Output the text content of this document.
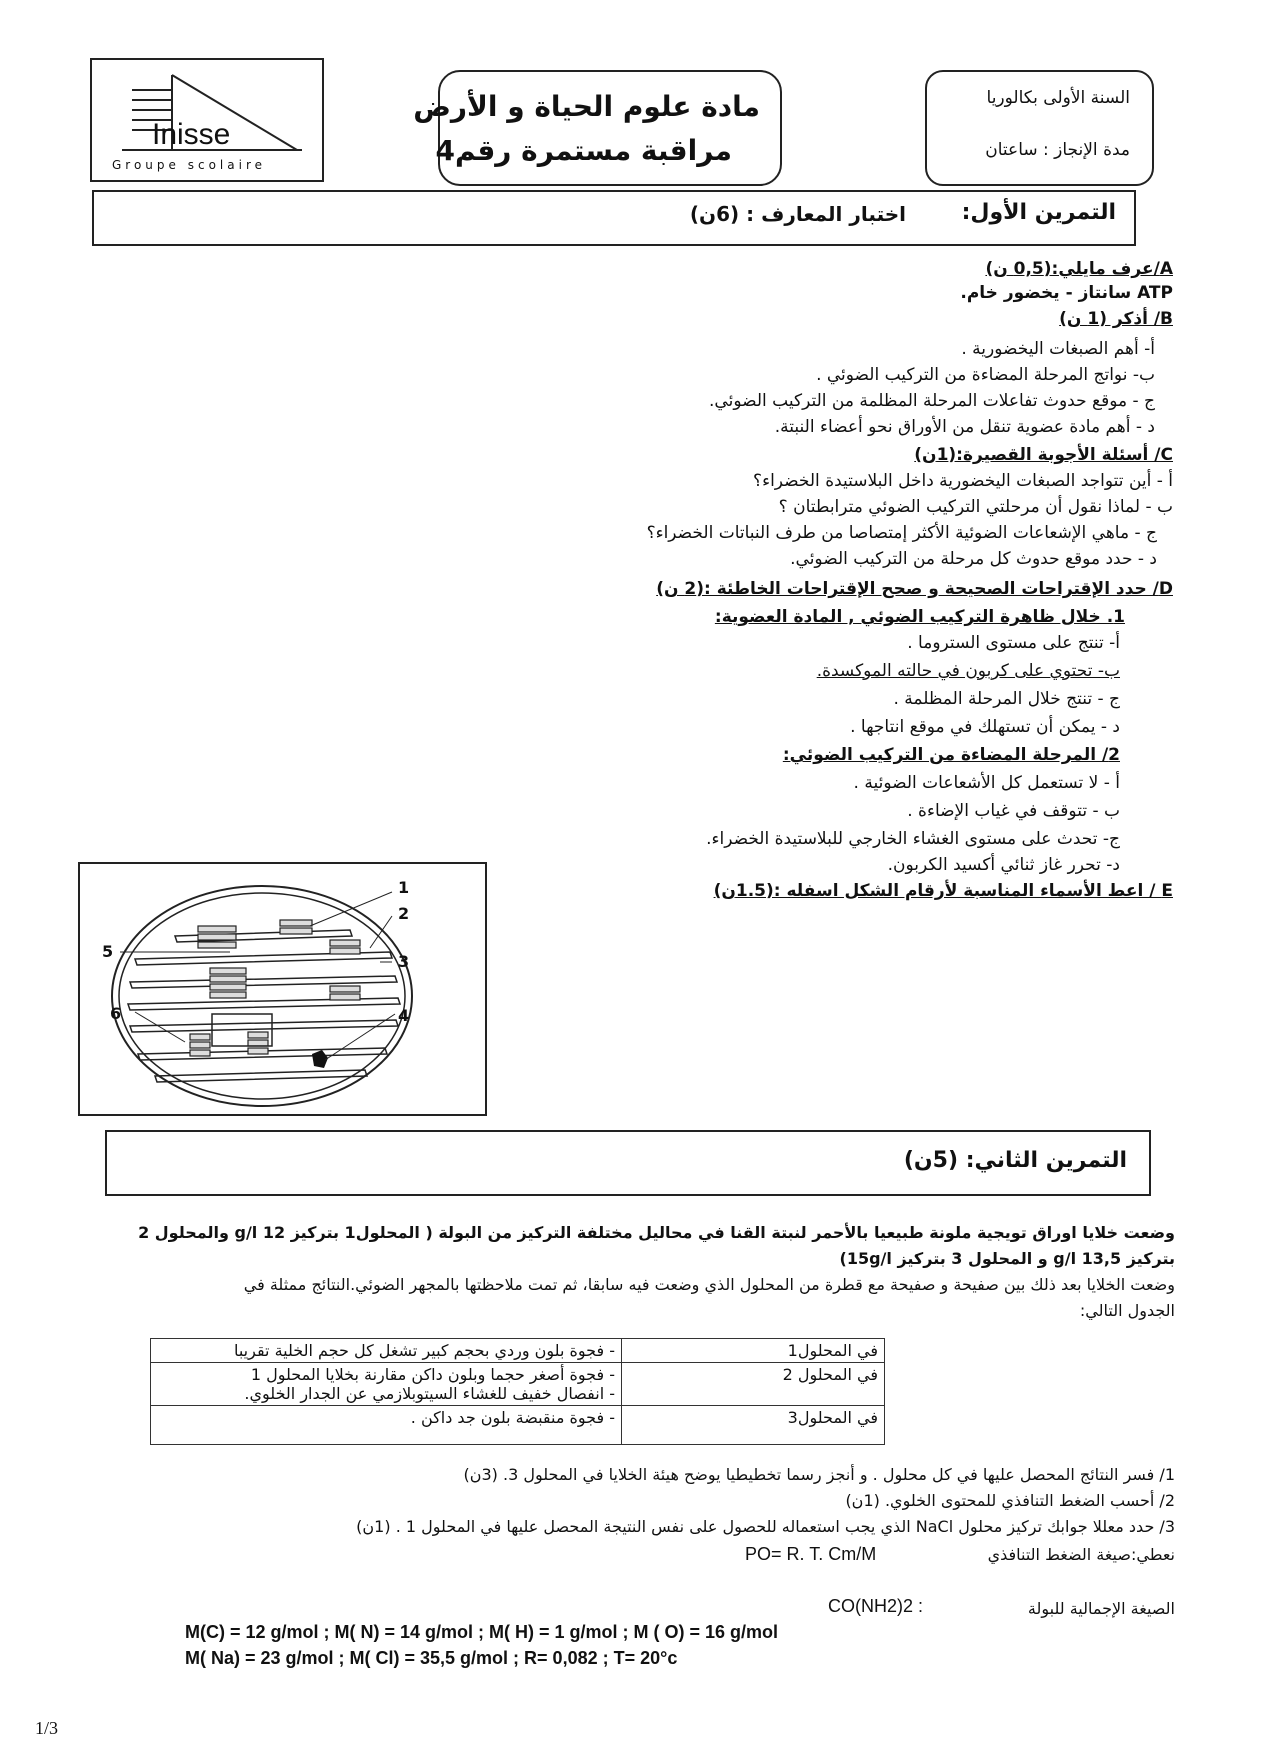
Inisse
Groupe scolaire
مادة علوم الحياة و الأرض
مراقبة مستمرة رقم4
السنة الأولى بكالوريا
مدة الإنجاز : ساعتان
التمرين الأول:
اختبار المعارف : (6ن)
A/عرف مايلي:(0,5 ن)
ATP سانتاز - يخضور خام.
B/ أذكر (1 ن)
أ- أهم الصبغات اليخضورية .
ب- نواتج المرحلة المضاءة من التركيب الضوئي .
ج - موقع حدوث تفاعلات المرحلة المظلمة من التركيب الضوئي.
د - أهم مادة عضوية تنقل من الأوراق نحو أعضاء النبتة.
C/ أسئلة الأجوبة القصيرة:(1ن)
أ - أين تتواجد الصبغات اليخضورية داخل البلاستيدة الخضراء؟
ب - لماذا نقول أن مرحلتي التركيب الضوئي مترابطتان ؟
ج - ماهي الإشعاعات الضوئية الأكثر إمتصاصا من طرف النباتات الخضراء؟
د - حدد موقع حدوث كل مرحلة من التركيب الضوئي.
D/ حدد الإقتراحات الصحيحة و صحح الإقتراحات الخاطئة :(2 ن)
1. خلال ظاهرة التركيب الضوئي , المادة العضوية:
أ- تنتج على مستوى الستروما .
ب- تحتوي على كربون في حالته الموكسدة.
ج - تنتج خلال المرحلة المظلمة .
د - يمكن أن تستهلك في موقع انتاجها .
2/ المرحلة المضاءة من التركيب الضوئي:
أ - لا تستعمل كل الأشعاعات الضوئية .
ب - تتوقف في غياب الإضاءة .
ج- تحدث على مستوى الغشاء الخارجي للبلاستيدة الخضراء.
د- تحرر غاز ثنائي أكسيد الكربون.
E / اعط الأسماء المناسبة لأرقام الشكل اسفله :(1.5ن)
1
2
3
4
5
6
التمرين الثاني: (5ن)
وضعت خلايا اوراق تويجية ملونة طبيعيا بالأحمر لنبتة القنا في محاليل مختلفة التركيز من البولة ( المحلول1 بتركيز 12 g/l والمحلول 2
بتركيز 13,5 g/l و المحلول 3 بتركيز 15g/l)
وضعت الخلايا بعد ذلك بين صفيحة و صفيحة مع قطرة من المحلول الذي وضعت فيه سابقا، ثم تمت ملاحظتها بالمجهر الضوئي.النتائج ممثلة في
الجدول التالي:
في المحلول1	- فجوة بلون وردي بحجم كبير تشغل كل حجم الخلية تقريبا

في المحلول 2	- فجوة أصغر حجما وبلون داكن مقارنة بخلايا المحلول 1
- انفصال خفيف للغشاء السيتوبلازمي عن الجدار الخلوي.

في المحلول3	- فجوة منقبضة بلون جد داكن .
1/ فسر النتائج المحصل عليها في كل محلول . و أنجز رسما تخطيطيا يوضح هيئة الخلايا في المحلول 3. (3ن)
2/ أحسب الضغط التنافذي للمحتوى الخلوي. (1ن)
3/ حدد معللا جوابك تركيز محلول NaCl الذي يجب استعماله للحصول على نفس النتيجة المحصل عليها في المحلول 1 . (1ن)
نعطي:صيغة الضغط التنافذي
PO= R. T. Cm/M
الصيغة الإجمالية للبولة
CO(NH2)2 :
M(C) = 12 g/mol ; M( N) = 14 g/mol ; M( H) = 1 g/mol ; M ( O) = 16 g/mol
M( Na) = 23 g/mol ; M( Cl) = 35,5 g/mol ; R= 0,082 ; T= 20°c
1/3
